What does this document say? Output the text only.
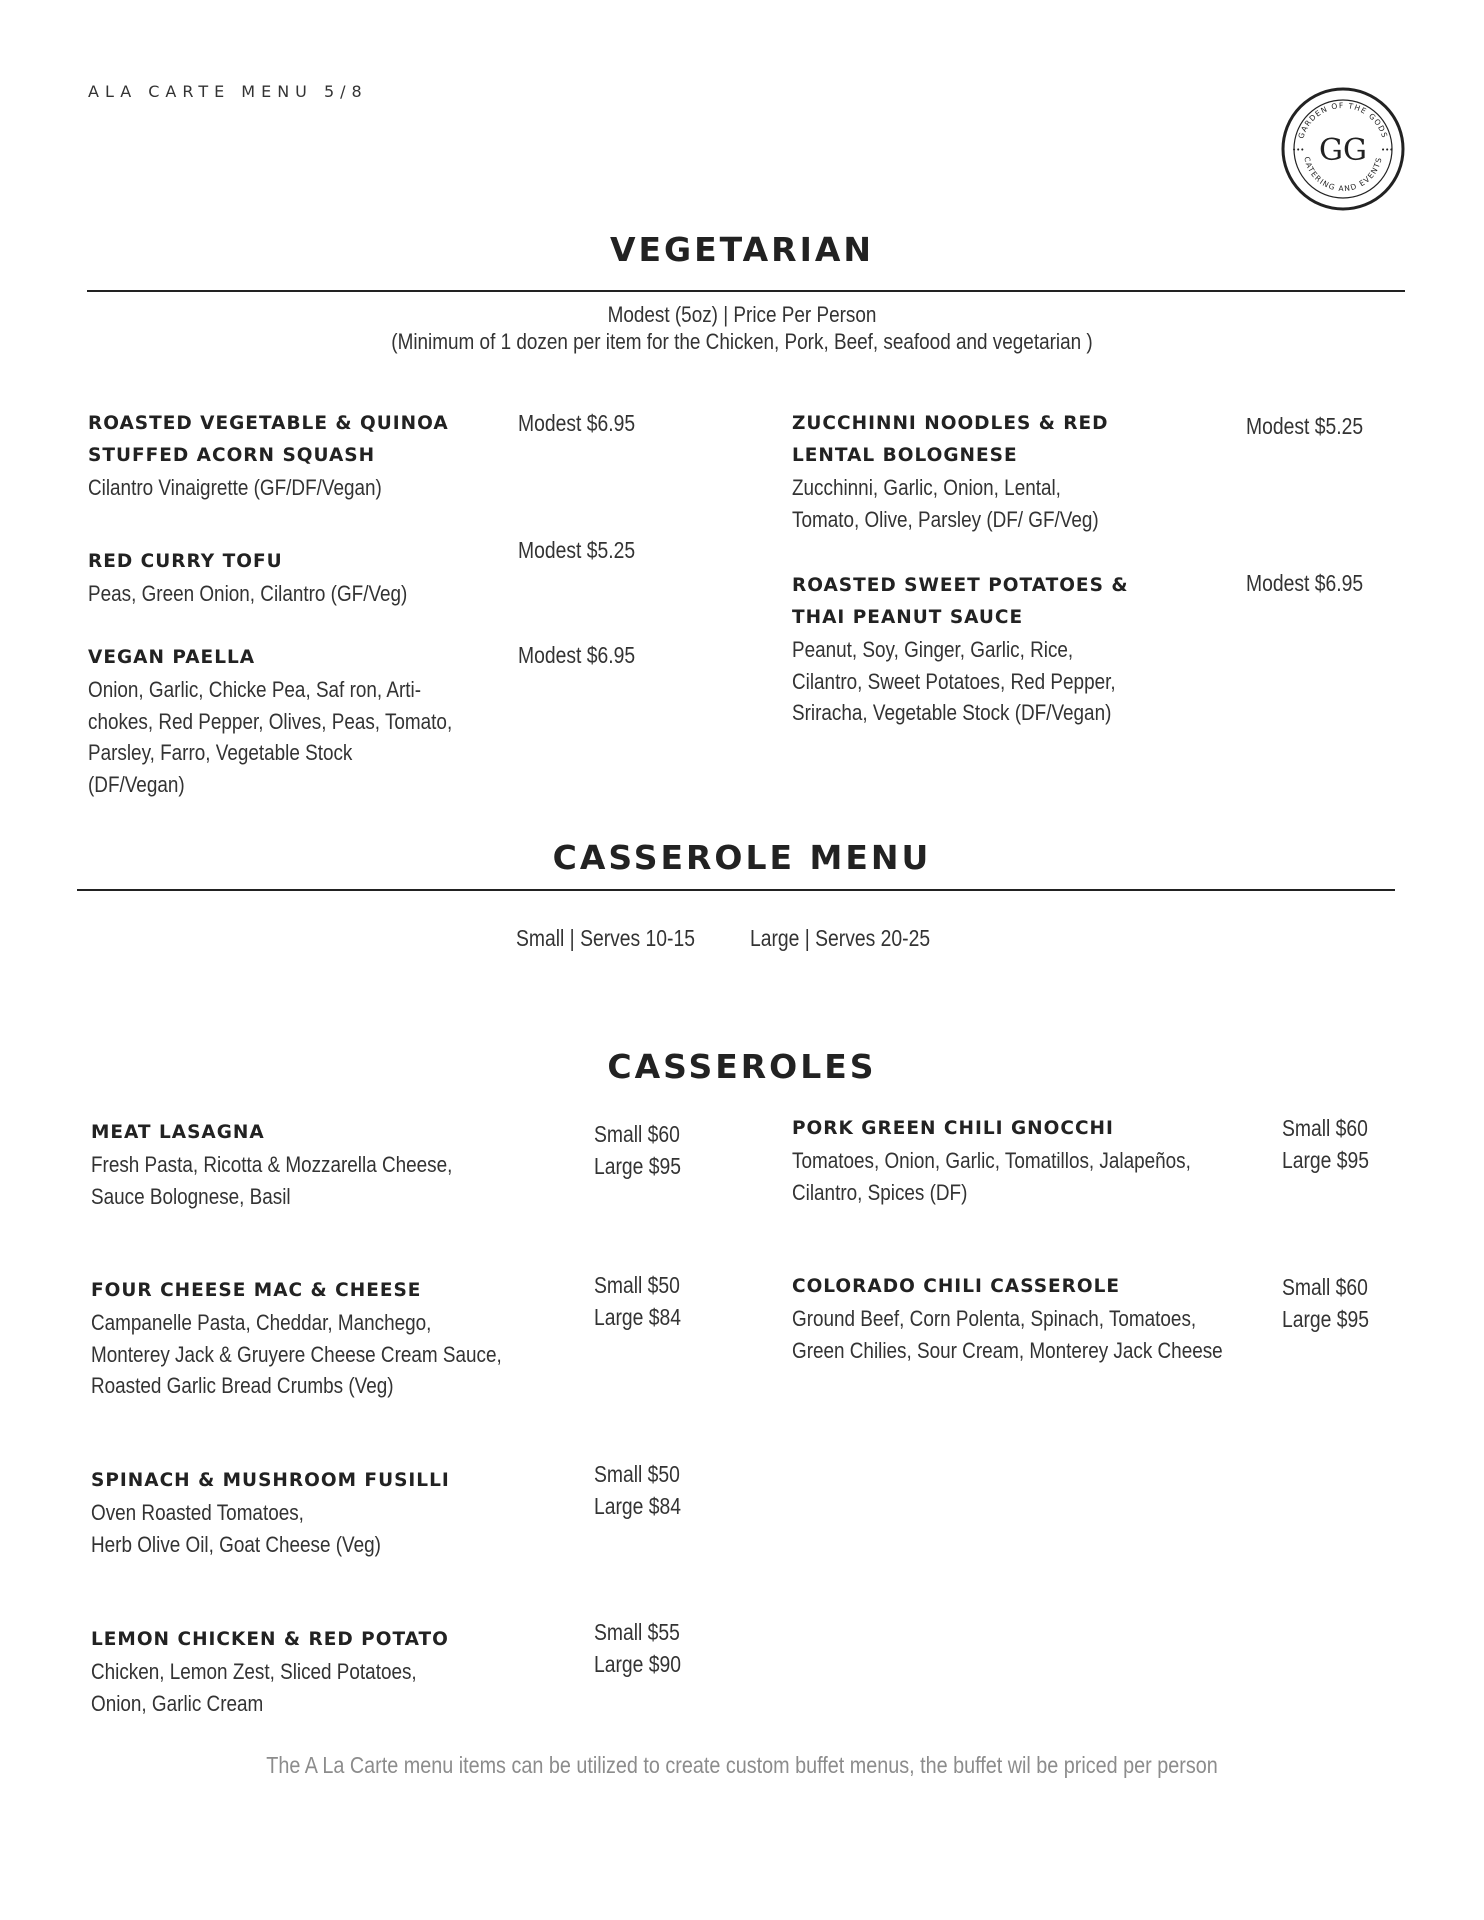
ALA CARTE MENU 5/8
GARDEN OF THE GODS
CATERING AND EVENTS
GG
•••	•••
VEGETARIAN
Modest (5oz) | Price Per Person
(Minimum of 1 dozen per item for the Chicken, Pork, Beef, seafood and vegetarian )
ROASTED VEGETABLE & QUINOA
STUFFED ACORN SQUASH
Cilantro Vinaigrette (GF/DF/Vegan)
Modest $6.95
RED CURRY TOFU
Peas, Green Onion, Cilantro (GF/Veg)
Modest $5.25
VEGAN PAELLA
Onion, Garlic, Chicke Pea, Saf ron, Arti-
chokes, Red Pepper, Olives, Peas, Tomato,
Parsley, Farro, Vegetable Stock
(DF/Vegan)
Modest $6.95
ZUCCHINNI NOODLES & RED
LENTAL BOLOGNESE
Zucchinni, Garlic, Onion, Lental,
Tomato, Olive, Parsley (DF/ GF/Veg)
Modest $5.25
ROASTED SWEET POTATOES &
THAI PEANUT SAUCE
Peanut, Soy, Ginger, Garlic, Rice,
Cilantro, Sweet Potatoes, Red Pepper,
Sriracha, Vegetable Stock (DF/Vegan)
Modest $6.95
CASSEROLE MENU
Small | Serves 10-15 Large | Serves 20-25
CASSEROLES
MEAT LASAGNA
Fresh Pasta, Ricotta & Mozzarella Cheese,
Sauce Bolognese, Basil
Small $60
Large $95
FOUR CHEESE MAC & CHEESE
Campanelle Pasta, Cheddar, Manchego,
Monterey Jack & Gruyere Cheese Cream Sauce,
Roasted Garlic Bread Crumbs (Veg)
Small $50
Large $84
SPINACH & MUSHROOM FUSILLI
Oven Roasted Tomatoes,
Herb Olive Oil, Goat Cheese (Veg)
Small $50
Large $84
LEMON CHICKEN & RED POTATO
Chicken, Lemon Zest, Sliced Potatoes,
Onion, Garlic Cream
Small $55
Large $90
PORK GREEN CHILI GNOCCHI
Tomatoes, Onion, Garlic, Tomatillos, Jalapeños,
Cilantro, Spices (DF)
Small $60
Large $95
COLORADO CHILI CASSEROLE
Ground Beef, Corn Polenta, Spinach, Tomatoes,
Green Chilies, Sour Cream, Monterey Jack Cheese
Small $60
Large $95
The A La Carte menu items can be utilized to create custom buffet menus, the buffet wil be priced per person
